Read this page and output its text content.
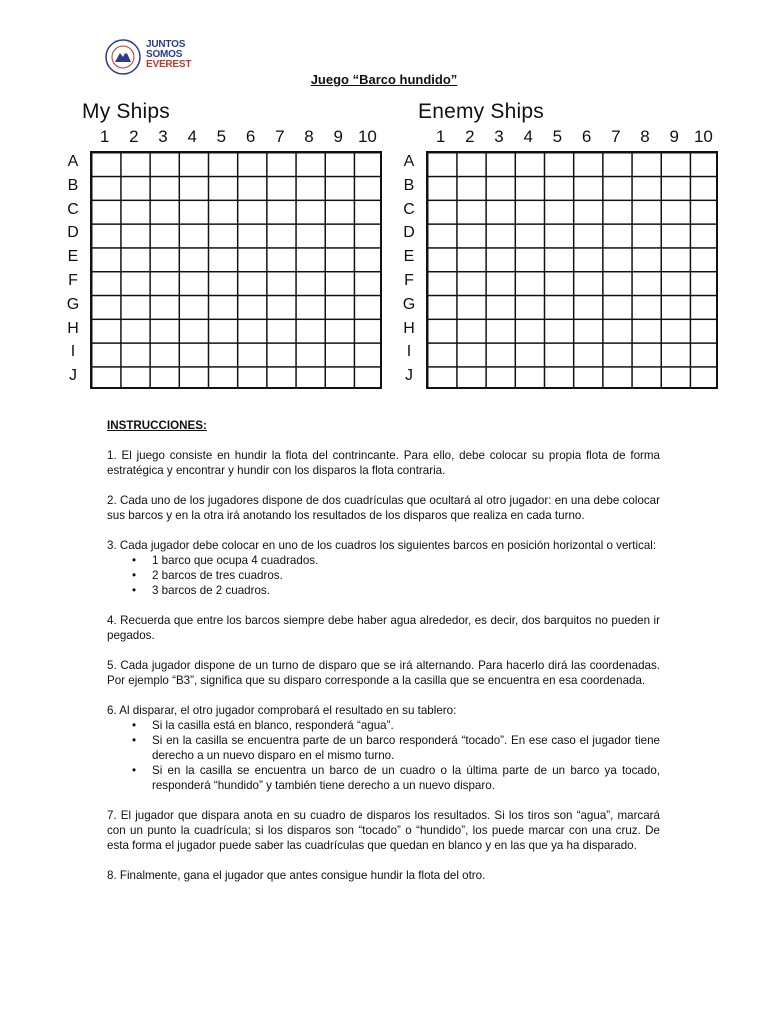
JUNTOS
SOMOS
EVEREST
Juego “Barco hundido”
My Ships
1	2	3	4	5	6	7	8	9 10
A
B
C
D
E
F
G
H
I
J
Enemy Ships
1	2	3	4	5	6	7	8	9 10
A
B
C
D
E
F
G
H
I
J
INSTRUCCIONES:

1. El juego consiste en hundir la flota del contrincante. Para ello, debe colocar su propia flota de forma estratégica y encontrar y hundir con los disparos la flota contraria.

2. Cada uno de los jugadores dispone de dos cuadrículas que ocultará al otro jugador: en una debe colocar sus barcos y en la otra irá anotando los resultados de los disparos que realiza en cada turno.

3. Cada jugador debe colocar en uno de los cuadros los siguientes barcos en posición horizontal o vertical:

• 1 barco que ocupa 4 cuadrados.
• 2 barcos de tres cuadros.
• 3 barcos de 2 cuadros.

4. Recuerda que entre los barcos siempre debe haber agua alrededor, es decir, dos barquitos no pueden ir pegados.

5. Cada jugador dispone de un turno de disparo que se irá alternando. Para hacerlo dirá las coordenadas. Por ejemplo “B3”, significa que su disparo corresponde a la casilla que se encuentra en esa coordenada.

6. Al disparar, el otro jugador comprobará el resultado en su tablero:

• Si la casilla está en blanco, responderá “agua”.
• Si en la casilla se encuentra parte de un barco responderá “tocado”. En ese caso el jugador tiene derecho a un nuevo disparo en el mismo turno.
• Si en la casilla se encuentra un barco de un cuadro o la última parte de un barco ya tocado, responderá “hundido” y también tiene derecho a un nuevo disparo.

7. El jugador que dispara anota en su cuadro de disparos los resultados. Si los tiros son “agua”, marcará con un punto la cuadrícula; si los disparos son “tocado” o “hundido”, los puede marcar con una cruz. De esta forma el jugador puede saber las cuadrículas que quedan en blanco y en las que ya ha disparado.

8. Finalmente, gana el jugador que antes consigue hundir la flota del otro.
